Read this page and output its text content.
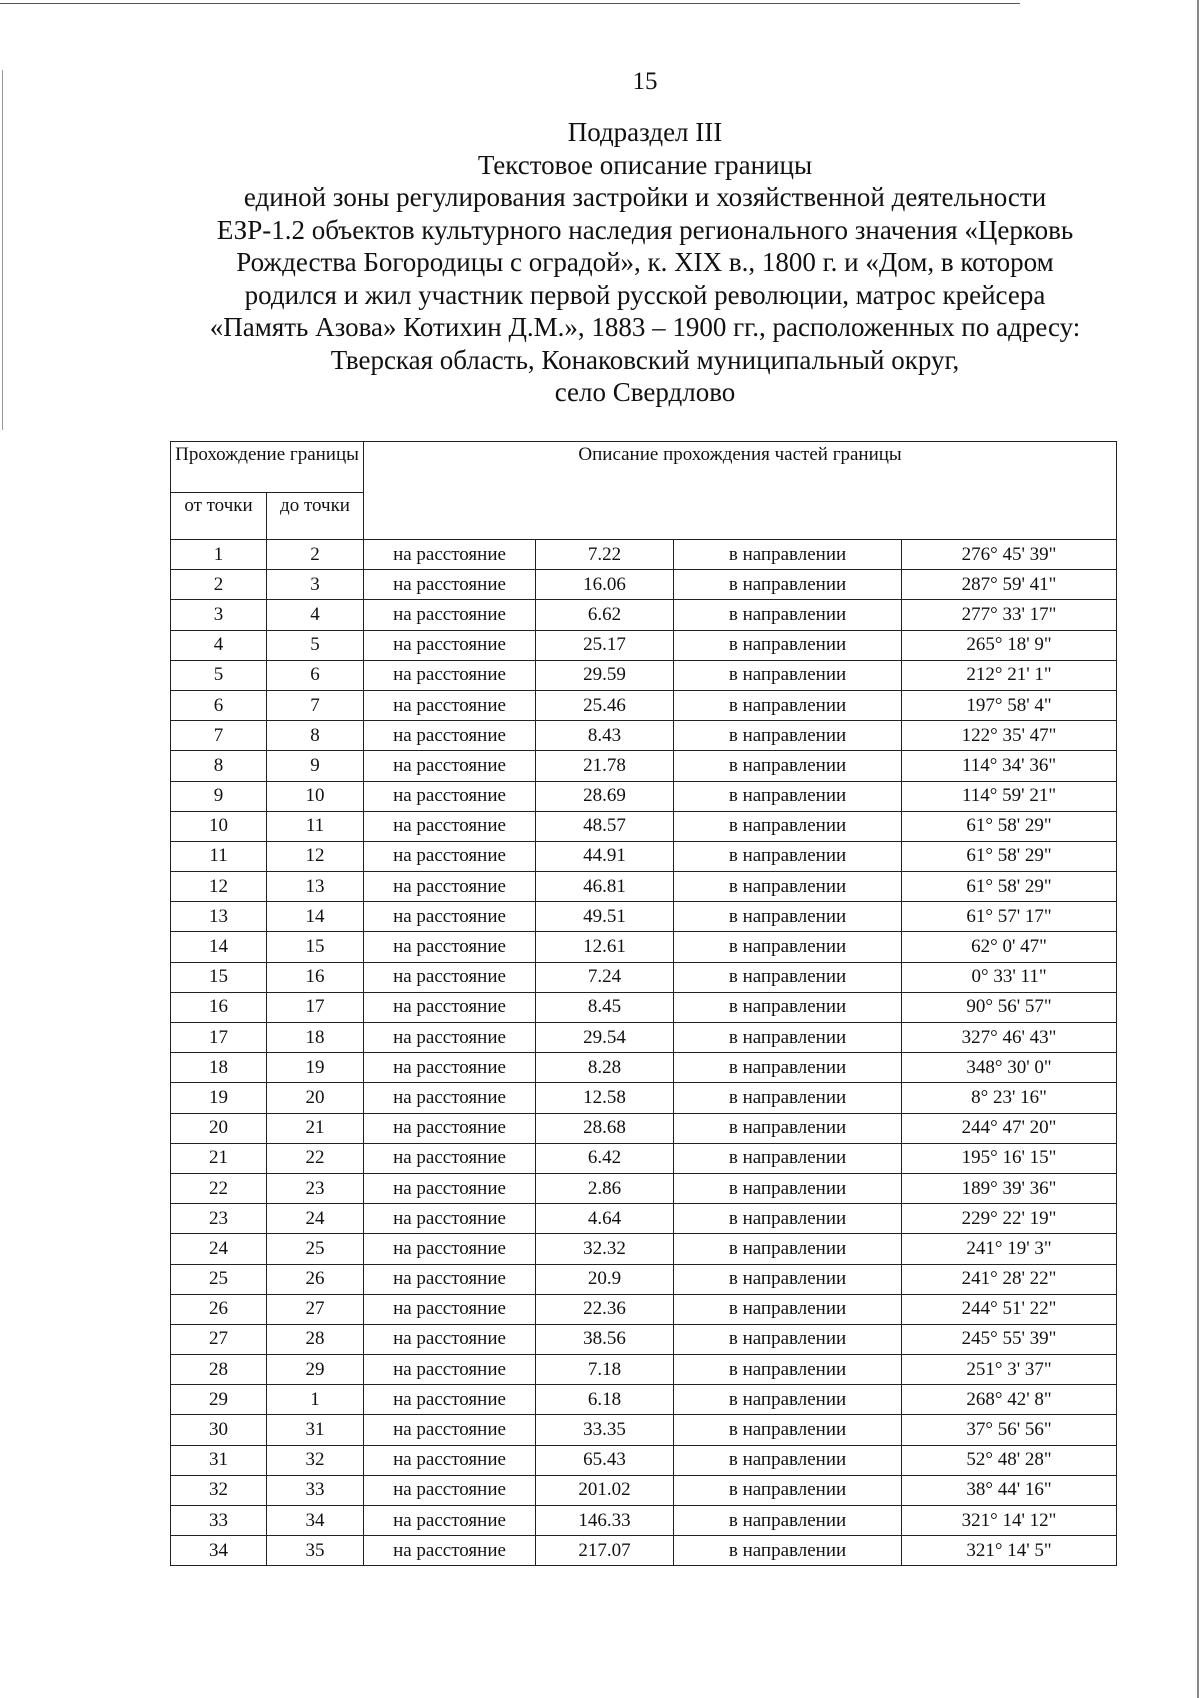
15
Подраздел III
Текстовое описание границы
единой зоны регулирования застройки и хозяйственной деятельности
ЕЗР-1.2 объектов культурного наследия регионального значения «Церковь
Рождества Богородицы с оградой», к. XIX в., 1800 г. и «Дом, в котором
родился и жил участник первой русской революции, матрос крейсера
«Память Азова» Котихин Д.М.», 1883 – 1900 гг., расположенных по адресу:
Тверская область, Конаковский муниципальный округ,
село Свердлово
Прохождение границы		Описание прохождения частей границы			
от точки	до точки				
1	2	на расстояние	7.22	в направлении	276° 45' 39"
2	3	на расстояние	16.06	в направлении	287° 59' 41"
3	4	на расстояние	6.62	в направлении	277° 33' 17"
4	5	на расстояние	25.17	в направлении	265° 18' 9"
5	6	на расстояние	29.59	в направлении	212° 21' 1"
6	7	на расстояние	25.46	в направлении	197° 58' 4"
7	8	на расстояние	8.43	в направлении	122° 35' 47"
8	9	на расстояние	21.78	в направлении	114° 34' 36"
9	10	на расстояние	28.69	в направлении	114° 59' 21"
10	11	на расстояние	48.57	в направлении	61° 58' 29"
11	12	на расстояние	44.91	в направлении	61° 58' 29"
12	13	на расстояние	46.81	в направлении	61° 58' 29"
13	14	на расстояние	49.51	в направлении	61° 57' 17"
14	15	на расстояние	12.61	в направлении	62° 0' 47"
15	16	на расстояние	7.24	в направлении	0° 33' 11"
16	17	на расстояние	8.45	в направлении	90° 56' 57"
17	18	на расстояние	29.54	в направлении	327° 46' 43"
18	19	на расстояние	8.28	в направлении	348° 30' 0"
19	20	на расстояние	12.58	в направлении	8° 23' 16"
20	21	на расстояние	28.68	в направлении	244° 47' 20"
21	22	на расстояние	6.42	в направлении	195° 16' 15"
22	23	на расстояние	2.86	в направлении	189° 39' 36"
23	24	на расстояние	4.64	в направлении	229° 22' 19"
24	25	на расстояние	32.32	в направлении	241° 19' 3"
25	26	на расстояние	20.9	в направлении	241° 28' 22"
26	27	на расстояние	22.36	в направлении	244° 51' 22"
27	28	на расстояние	38.56	в направлении	245° 55' 39"
28	29	на расстояние	7.18	в направлении	251° 3' 37"
29	1	на расстояние	6.18	в направлении	268° 42' 8"
30	31	на расстояние	33.35	в направлении	37° 56' 56"
31	32	на расстояние	65.43	в направлении	52° 48' 28"
32	33	на расстояние	201.02	в направлении	38° 44' 16"
33	34	на расстояние	146.33	в направлении	321° 14' 12"
34	35	на расстояние	217.07	в направлении	321° 14' 5"
